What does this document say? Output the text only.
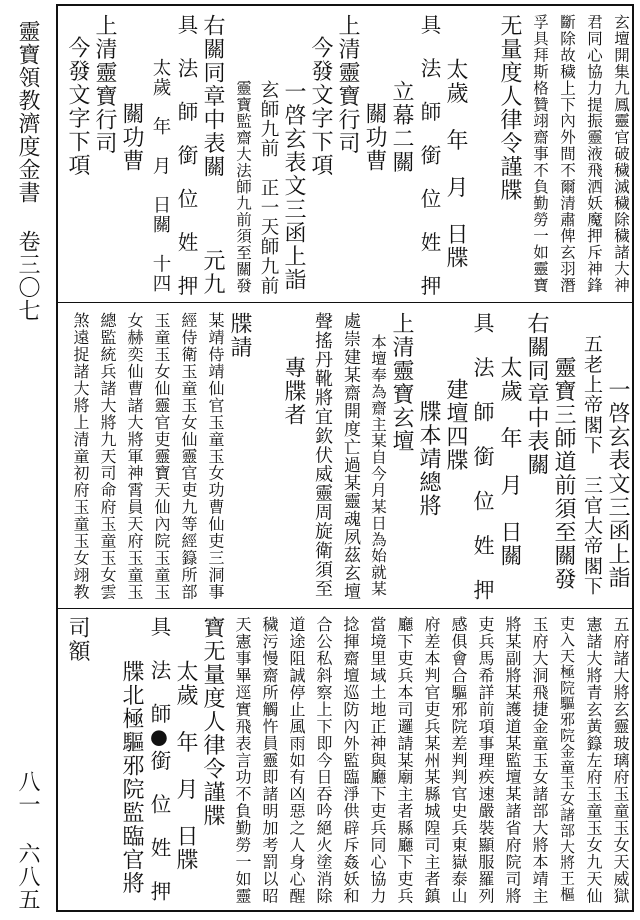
靈寶領教濟度金書 卷三〇七
八一 六八五
玄壇開集九鳳靈官破穢滅穢除穢諸大神
君同心協力提振靈液飛洒妖魔押斥神鋒
斷除故穢上下內外間不爾清肅俾玄羽潛
孚具拜斯格贊翊齋事不負勤勞一如靈寶
无量度人律令謹牒
太歲　年　月　日牒
具　法　師　銜　位　姓　押
立幕二關
關功曹
上清靈寶行司
今發文字下項
一啓玄表文三函上詣
玄師九前　正一天師九前
靈寶監齋大法師九前須至關發
右關同章中表關　　　元九
具　法　師　銜　位　姓　押
太歲　年　月　日關　十四
關功曹
上清靈寶行司
今發文字下項
一啓玄表文三函上詣
五老上帝閣下　三官大帝閣下
靈寶三師道前須至關發
右關同章中表關
太歲　年　月　日關
具　法　師　銜　位　姓　押
建壇四牒
牒本靖總將
上清靈寶玄壇
本壇奉為齋主某自今月某日為始就某
處崇建某齋開度亡過某靈魂夙茲玄壇
聲搖丹靴將宜欽伏威靈周旋衛須至
專牒者
牒請
某靖侍靖仙官玉童玉女功曹仙吏三洞事
經侍衛玉童玉女仙靈官吏九等經籙所部
玉童玉女仙靈官吏靈寶天仙內院玉童玉
女赫奕仙曹諸大將軍神霄員天府玉童玉
總監統兵諸大將九天司命府玉童玉女雲
煞遠捉諸大將上清童初府玉童玉女翊教
五府諸大將玄靈玻璃府玉童玉女天威獄
憲諸大將青玄黃籙左府玉童玉女九天仙
吏入天極院驅邪院金童玉女諸部大將王樞
玉府大洞飛捷金童玉女諸部大將本靖主
將某副將某護道某監壇某諸省府院司將
吏兵馬希詳前項事理疾速嚴裝顯服羅列
感俱會合驅邪院差判判官史兵東嶽泰山
府差本判官吏兵某州某縣城隍司主者鎮
廳下吏兵本司邏請某廟主者縣廳下吏兵
當境里域土地正神與廳下吏兵同心協力
捻揮齋壇巡防內外監臨淨供辟斥姦妖和
合公私斜察上下即今日吞吟絕火塗消除
道途阻誠停止風雨如有凶惡之人身心醒
穢污慢齋所觸忤員靈即諸明加考罰以昭
天憲事畢逕實飛表言功不負勤勞一如靈
寶无量度人律令謹牒
太歲　年　月　日牒
具　法　師●銜　位　姓　押
牒北極驅邪院監臨官將
司額
